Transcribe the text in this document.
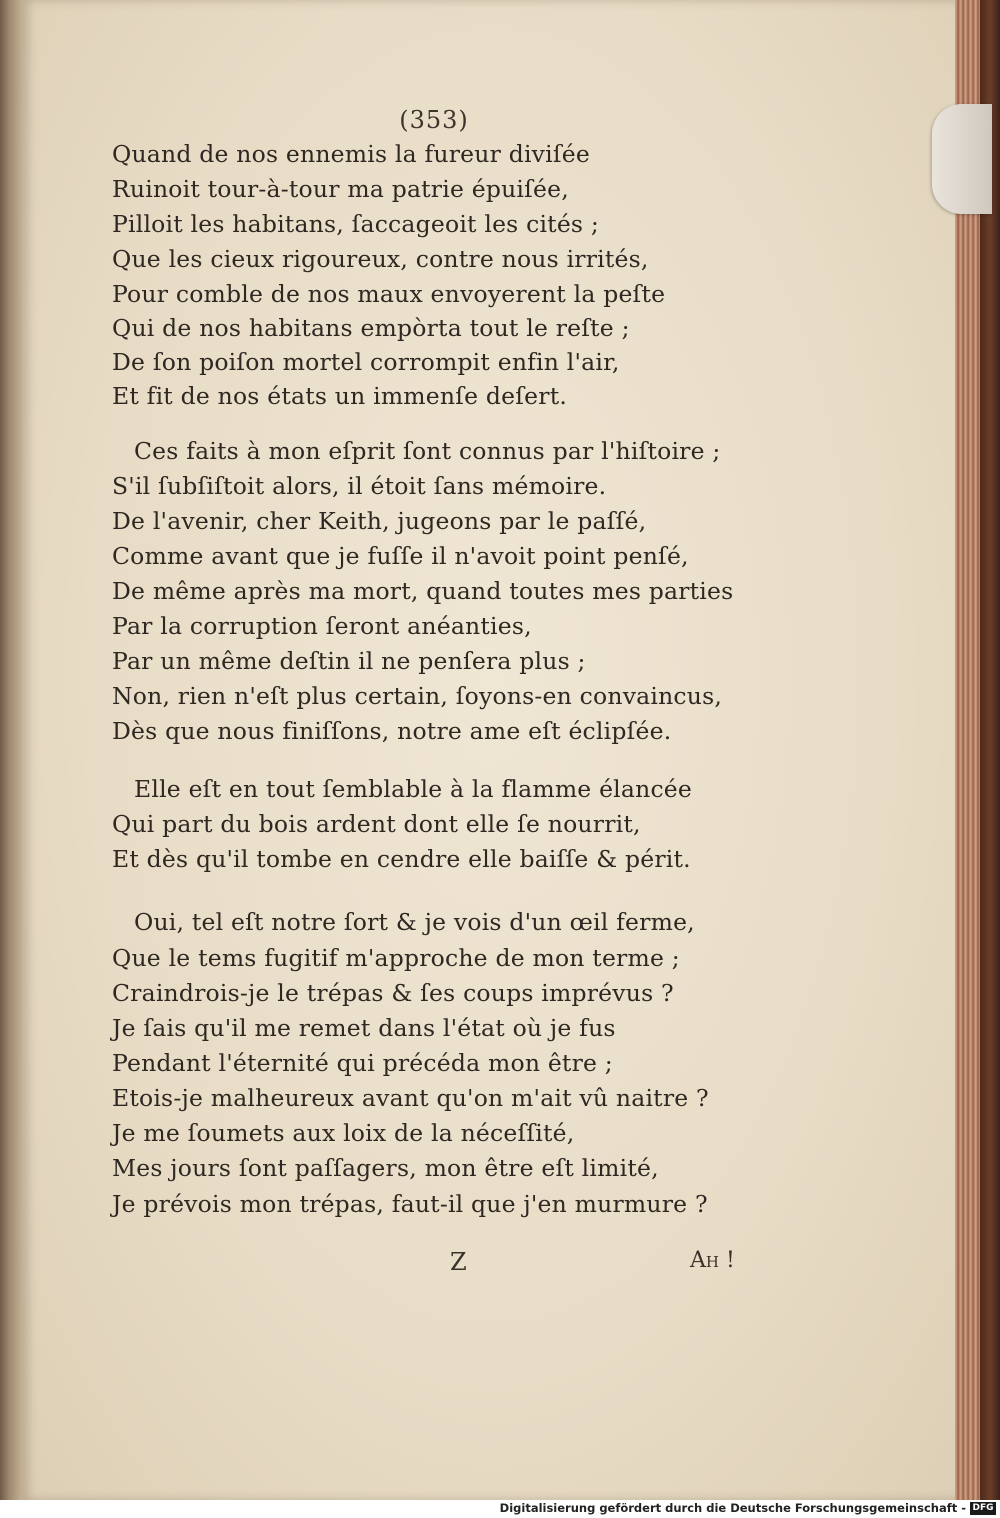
(353)
Quand de nos ennemis la fureur diviſée
Ruinoit tour-à-tour ma patrie épuiſée,
Pilloit les habitans, ſaccageoit les cités ;
Que les cieux rigoureux, contre nous irrités,
Pour comble de nos maux envoyerent la peſte
Qui de nos habitans empòrta tout le reſte ;
De ſon poiſon mortel corrompit enfin l'air,
Et fit de nos états un immenſe deſert.
Ces faits à mon eſprit ſont connus par l'hiſtoire ;
S'il ſubſiſtoit alors, il étoit ſans mémoire.
De l'avenir, cher Keith, jugeons par le paſſé,
Comme avant que je fuſſe il n'avoit point penſé,
De même après ma mort, quand toutes mes parties
Par la corruption ſeront anéanties,
Par un même deſtin il ne penſera plus ;
Non, rien n'eſt plus certain, ſoyons-en convaincus,
Dès que nous finiſſons, notre ame eſt éclipſée.
Elle eſt en tout ſemblable à la flamme élancée
Qui part du bois ardent dont elle ſe nourrit,
Et dès qu'il tombe en cendre elle baiſſe & périt.
Oui, tel eſt notre ſort & je vois d'un œil ferme,
Que le tems fugitif m'approche de mon terme ;
Craindrois-je le trépas & ſes coups imprévus ?
Je ſais qu'il me remet dans l'état où je fus
Pendant l'éternité qui précéda mon être ;
Etois-je malheureux avant qu'on m'ait vû naitre ?
Je me ſoumets aux loix de la néceſſité,
Mes jours ſont paſſagers, mon être eſt limité,
Je prévois mon trépas, faut-il que j'en murmure ?
Z	Ah !
Digitalisierung gefördert durch die Deutsche Forschungsgemeinschaft - DFG
